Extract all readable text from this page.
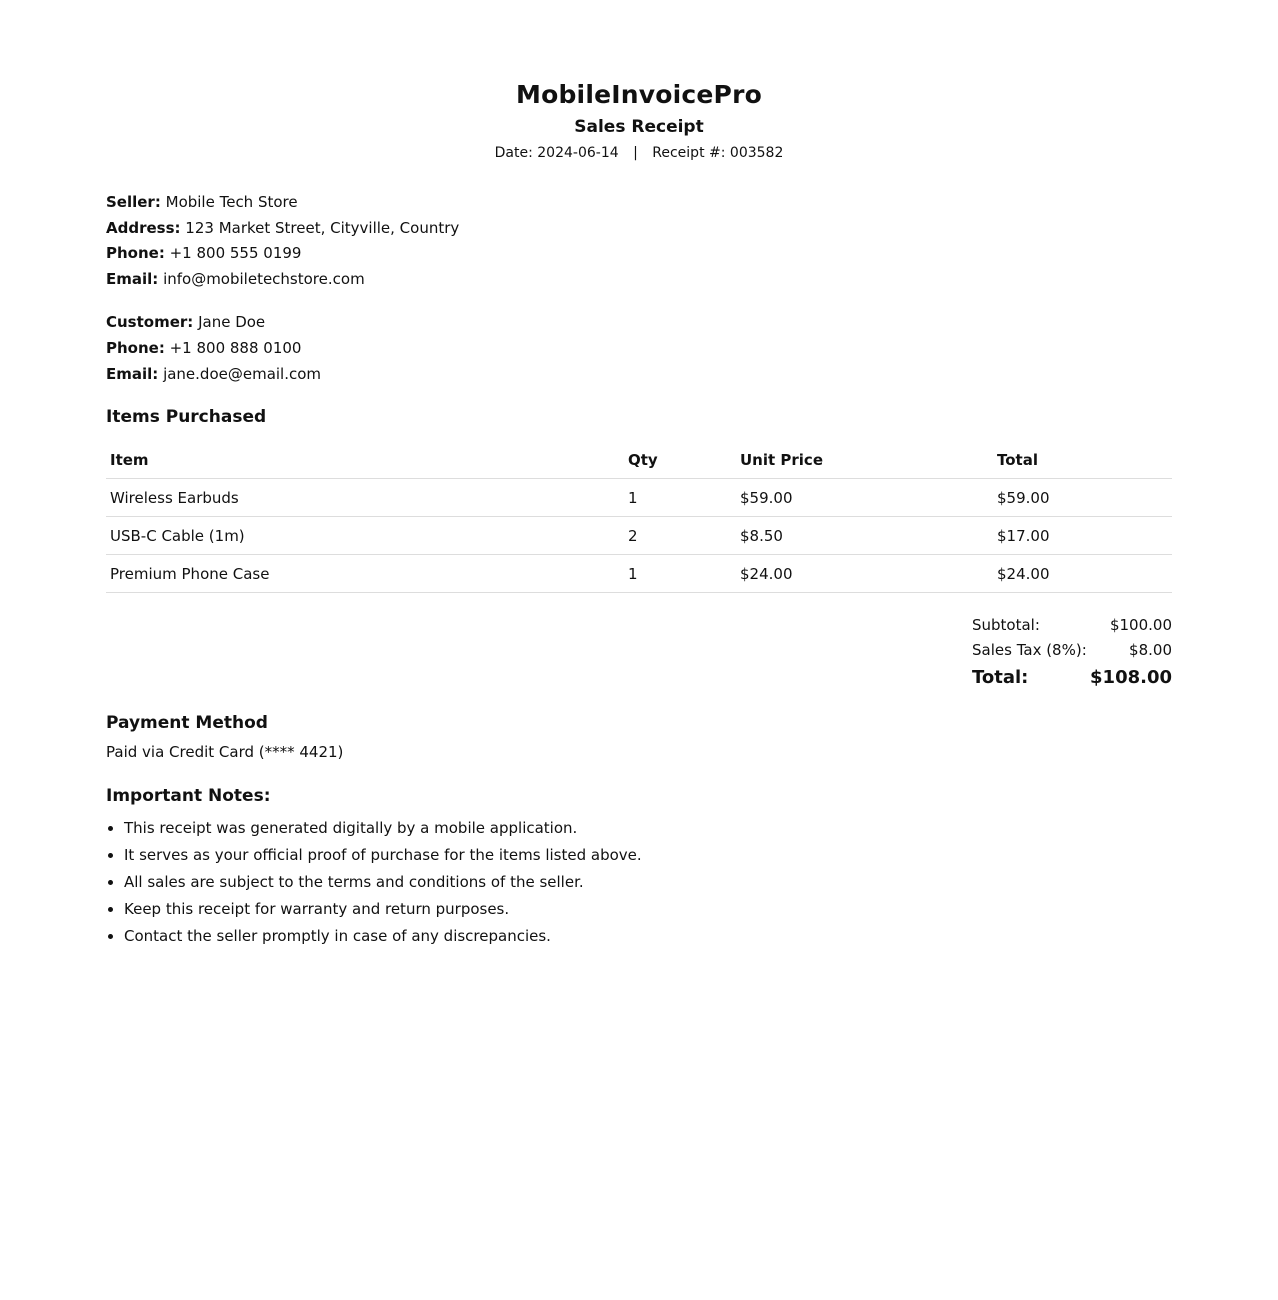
MobileInvoicePro
Sales Receipt
Date: 2024-06-14 | Receipt #: 003582
Seller: Mobile Tech Store
Address: 123 Market Street, Cityville, Country
Phone: +1 800 555 0199
Email: info@mobiletechstore.com
Customer: Jane Doe
Phone: +1 800 888 0100
Email: jane.doe@email.com
Items Purchased
Item	Qty	Unit Price	Total
Wireless Earbuds	1	$59.00	$59.00
USB-C Cable (1m)	2	$8.50	$17.00
Premium Phone Case	1	$24.00	$24.00
Subtotal:	$100.00
Sales Tax (8%):	$8.00
Total:	$108.00
Payment Method
Paid via Credit Card (**** 4421)
Important Notes:
• This receipt was generated digitally by a mobile application.
• It serves as your official proof of purchase for the items listed above.
• All sales are subject to the terms and conditions of the seller.
• Keep this receipt for warranty and return purposes.
• Contact the seller promptly in case of any discrepancies.
